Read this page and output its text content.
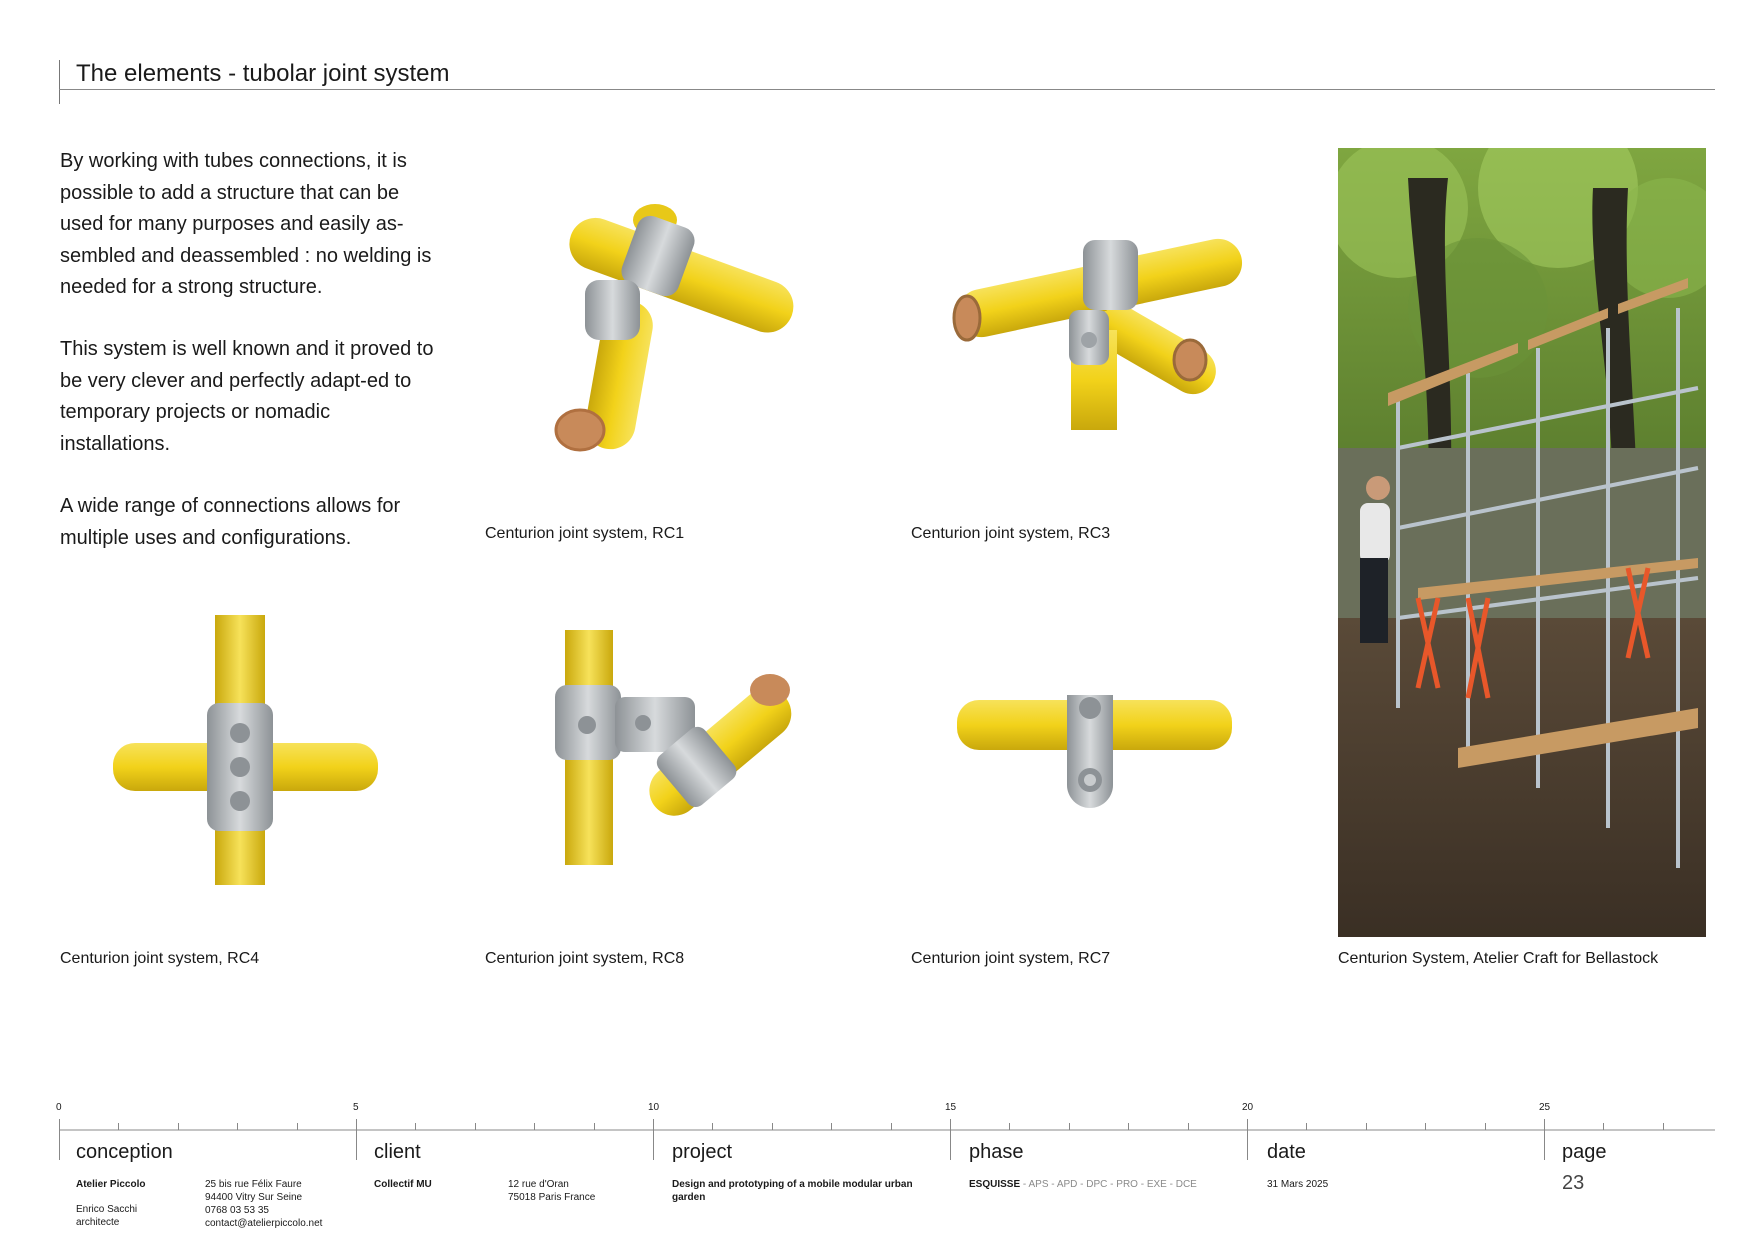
The elements - tubolar joint system

By working with tubes connections, it is possible to add a structure that can be used for many purposes and easily as-sembled and deassembled : no welding is needed for a strong structure.

This system is well known and it proved to be very clever and perfectly adapt-ed to temporary projects or nomadic installations.

A wide range of connections allows for multiple uses and configurations.	Centurion joint system, RC1	Centurion joint system, RC3
Centurion joint system, RC4	Centurion joint system, RC8	Centurion joint system, RC7	Centurion System, Atelier Craft for Bellastock
0	5	10	15	20	25
conception
Atelier Piccolo
Enrico Sacchi
architecte
25 bis rue Félix Faure
94400 Vitry Sur Seine
0768 03 53 35
contact@atelierpiccolo.net
client
Collectif MU	12 rue d'Oran
75018 Paris France
project
Design and prototyping of a mobile modular urban
garden
phase
ESQUISSE - APS - APD - DPC - PRO - EXE - DCE
date
31 Mars 2025
page
23
